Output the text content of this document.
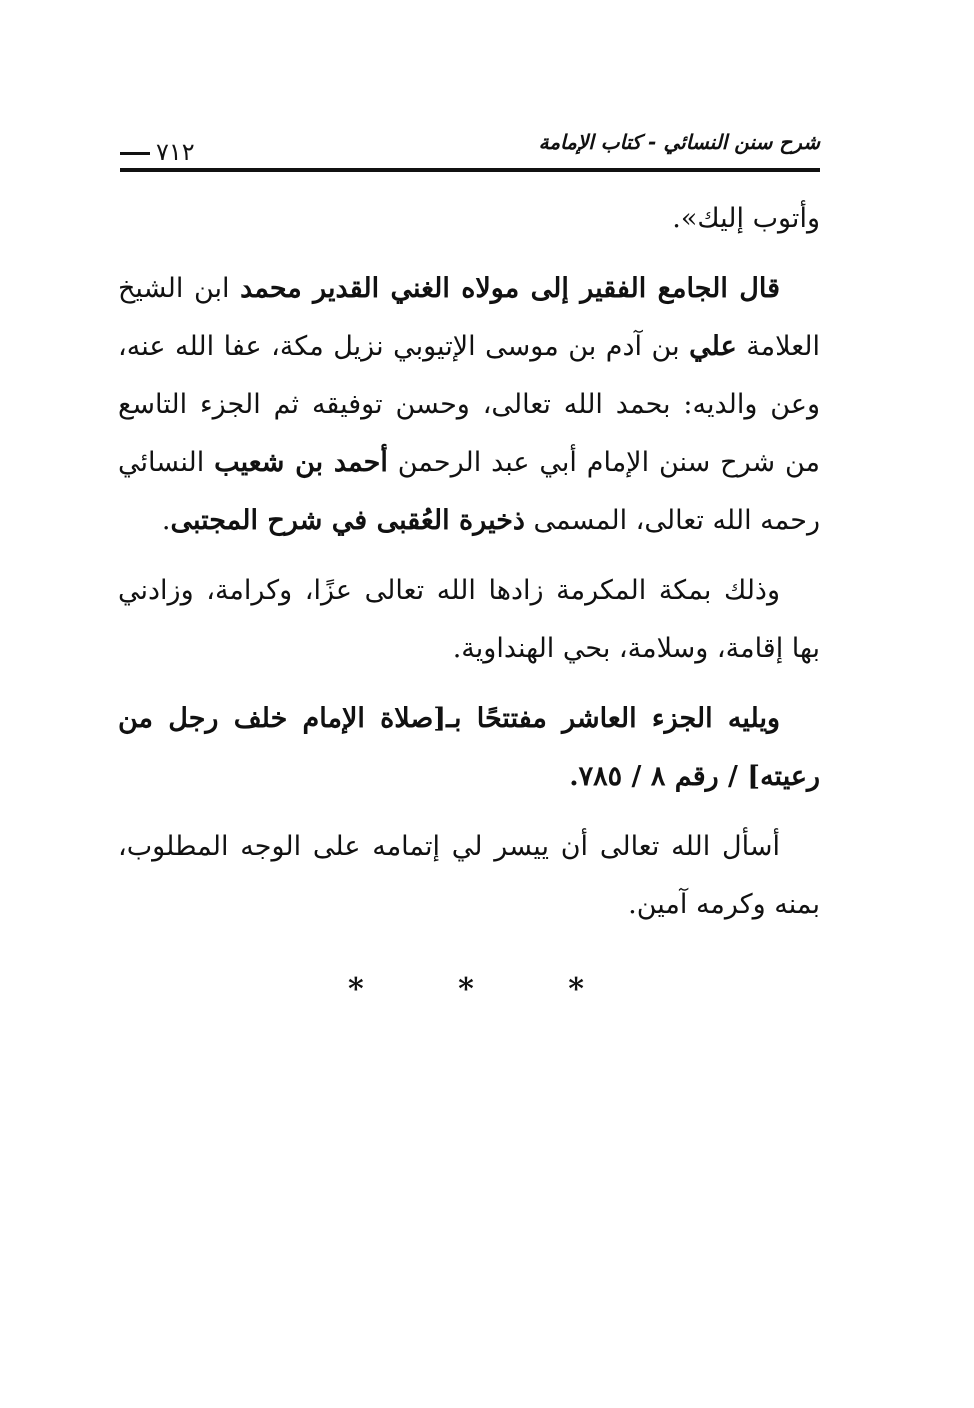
شرح سنن النسائي - كتاب الإمامة
٧١٢

وأتوب إليك».

قال الجامع الفقير إلى مولاه الغني القدير محمد ابن الشيخ العلامة علي بن آدم بن موسى الإتيوبي نزيل مكة، عفا الله عنه، وعن والديه: بحمد الله تعالى، وحسن توفيقه ثم الجزء التاسع من شرح سنن الإمام أبي عبد الرحمن أحمد بن شعيب النسائي رحمه الله تعالى، المسمى ذخيرة العُقبى في شرح المجتبى.

وذلك بمكة المكرمة زادها الله تعالى عزًا، وكرامة، وزادني بها إقامة، وسلامة، بحي الهنداوية.

ويليه الجزء العاشر مفتتحًا بـ[صلاة الإمام خلف رجل من رعيته] / رقم ٨ / ٧٨٥.

أسأل الله تعالى أن ييسر لي إتمامه على الوجه المطلوب، بمنه وكرمه آمين.

* * *
